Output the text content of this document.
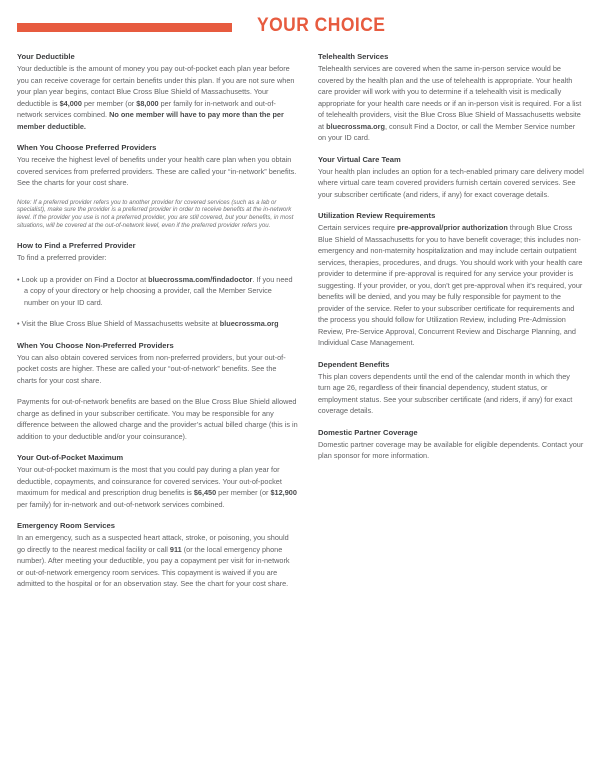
YOUR CHOICE
Your Deductible

Your deductible is the amount of money you pay out-of-pocket each plan year before you can receive coverage for certain benefits under this plan. If you are not sure when your plan year begins, contact Blue Cross Blue Shield of Massachusetts. Your deductible is $4,000 per member (or $8,000 per family for in-network and out-of-network services combined. No one member will have to pay more than the per member deductible.

When You Choose Preferred Providers

You receive the highest level of benefits under your health care plan when you obtain covered services from preferred providers. These are called your “in-network” benefits. See the charts for your cost share.

Note: If a preferred provider refers you to another provider for covered services (such as a lab or specialist), make sure the provider is a preferred provider in order to receive benefits at the in-network level. If the provider you use is not a preferred provider, you are still covered, but your benefits, in most situations, will be covered at the out-of-network level, even if the preferred provider refers you.

How to Find a Preferred Provider

To find a preferred provider:

• Look up a provider on Find a Doctor at bluecrossma.com/findadoctor. If you need a copy of your directory or help choosing a provider, call the Member Service number on your ID card.

• Visit the Blue Cross Blue Shield of Massachusetts website at bluecrossma.org

When You Choose Non-Preferred Providers

You can also obtain covered services from non-preferred providers, but your out-of-pocket costs are higher. These are called your “out-of-network” benefits. See the charts for your cost share.

Payments for out-of-network benefits are based on the Blue Cross Blue Shield allowed charge as defined in your subscriber certificate. You may be responsible for any difference between the allowed charge and the provider’s actual billed charge (this is in addition to your deductible and/or your coinsurance).

Your Out-of-Pocket Maximum

Your out-of-pocket maximum is the most that you could pay during a plan year for deductible, copayments, and coinsurance for covered services. Your out-of-pocket maximum for medical and prescription drug benefits is $6,450 per member (or $12,900 per family) for in-network and out-of-network services combined.

Emergency Room Services

In an emergency, such as a suspected heart attack, stroke, or poisoning, you should go directly to the nearest medical facility or call 911 (or the local emergency phone number). After meeting your deductible, you pay a copayment per visit for in-network or out-of-network emergency room services. This copayment is waived if you are admitted to the hospital or for an observation stay. See the chart for your cost share.

Telehealth Services

Telehealth services are covered when the same in-person service would be covered by the health plan and the use of telehealth is appropriate. Your health care provider will work with you to determine if a telehealth visit is medically appropriate for your health care needs or if an in-person visit is required. For a list of telehealth providers, visit the Blue Cross Blue Shield of Massachusetts website at bluecrossma.org, consult Find a Doctor, or call the Member Service number on your ID card.

Your Virtual Care Team

Your health plan includes an option for a tech-enabled primary care delivery model where virtual care team covered providers furnish certain covered services. See your subscriber certificate (and riders, if any) for exact coverage details.

Utilization Review Requirements

Certain services require pre-approval/prior authorization through Blue Cross Blue Shield of Massachusetts for you to have benefit coverage; this includes non-emergency and non-maternity hospitalization and may include certain outpatient services, therapies, procedures, and drugs. You should work with your health care provider to determine if pre-approval is required for any service your provider is suggesting. If your provider, or you, don’t get pre-approval when it’s required, your benefits will be denied, and you may be fully responsible for payment to the provider of the service. Refer to your subscriber certificate for requirements and the process you should follow for Utilization Review, including Pre-Admission Review, Pre-Service Approval, Concurrent Review and Discharge Planning, and Individual Case Management.

Dependent Benefits

This plan covers dependents until the end of the calendar month in which they turn age 26, regardless of their financial dependency, student status, or employment status. See your subscriber certificate (and riders, if any) for exact coverage details.

Domestic Partner Coverage

Domestic partner coverage may be available for eligible dependents. Contact your plan sponsor for more information.
